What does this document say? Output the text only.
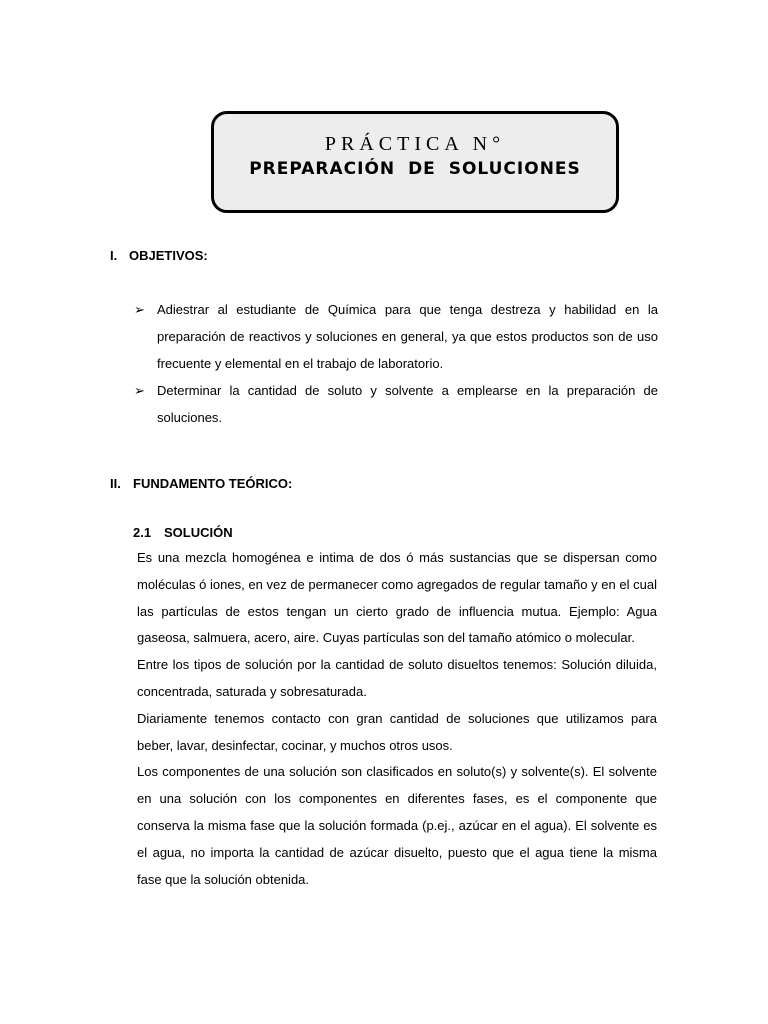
PRÁCTICA N°
PREPARACIÓN DE SOLUCIONES
I. OBJETIVOS:
➢ Adiestrar al estudiante de Química para que tenga destreza y habilidad en la preparación de reactivos y soluciones en general, ya que estos productos son de uso frecuente y elemental en el trabajo de laboratorio.
➢ Determinar la cantidad de soluto y solvente a emplearse en la preparación de soluciones.
II. FUNDAMENTO TEÓRICO:
2.1 SOLUCIÓN

Es una mezcla homogénea e intima de dos ó más sustancias que se dispersan como moléculas ó iones, en vez de permanecer como agregados de regular tamaño y en el cual las partículas de estos tengan un cierto grado de influencia mutua. Ejemplo: Agua gaseosa, salmuera, acero, aire. Cuyas partículas son del tamaño atómico o molecular.

Entre los tipos de solución por la cantidad de soluto disueltos tenemos: Solución diluida, concentrada, saturada y sobresaturada.

Diariamente tenemos contacto con gran cantidad de soluciones que utilizamos para beber, lavar, desinfectar, cocinar, y muchos otros usos.

Los componentes de una solución son clasificados en soluto(s) y solvente(s). El solvente en una solución con los componentes en diferentes fases, es el componente que conserva la misma fase que la solución formada (p.ej., azúcar en el agua). El solvente es el agua, no importa la cantidad de azúcar disuelto, puesto que el agua tiene la misma fase que la solución obtenida.
